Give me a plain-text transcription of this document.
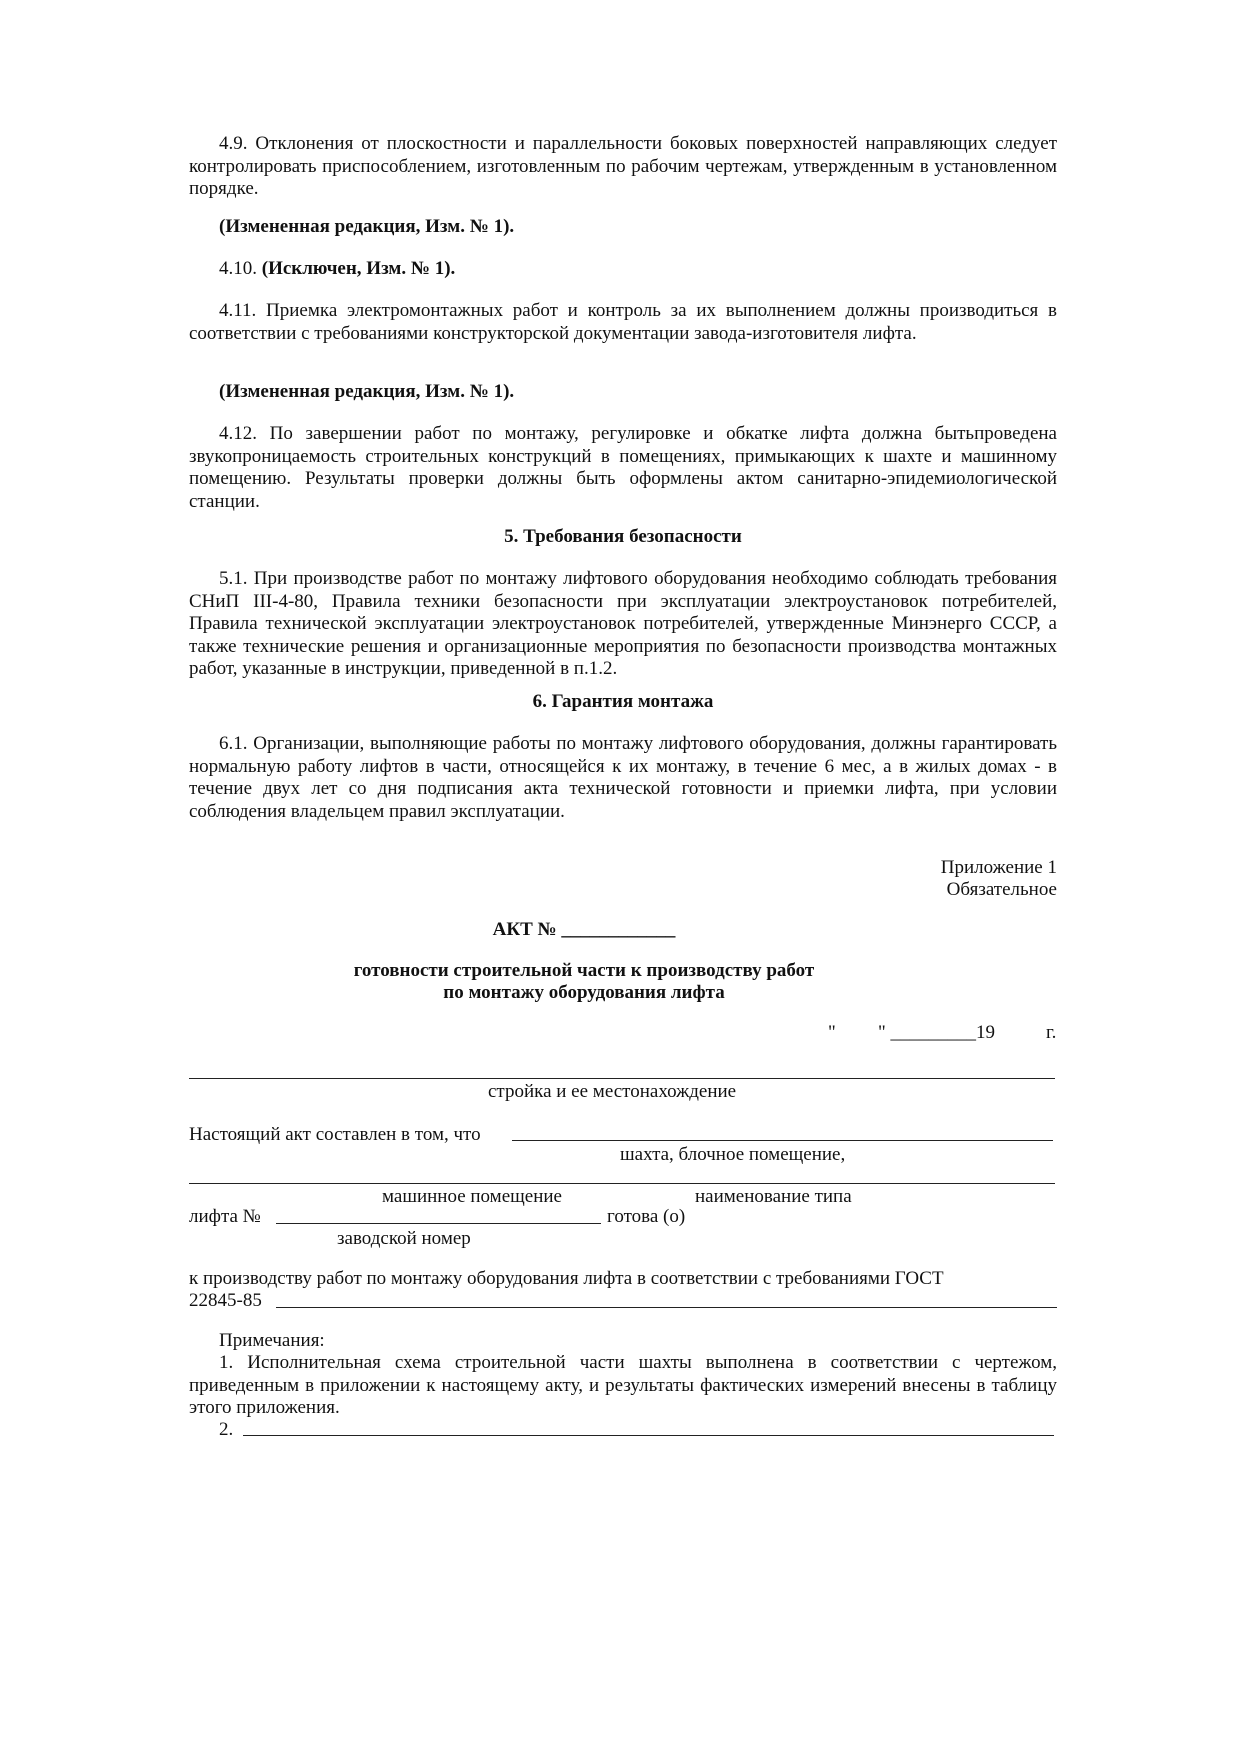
4.9. Отклонения от плоскостности и параллельности боковых поверхностей направляющих следует контролировать приспособлением, изготовленным по рабочим чертежам, утвержденным в установленном порядке.

(Измененная редакция, Изм. № 1).

4.10. (Исключен, Изм. № 1).

4.11. Приемка электромонтажных работ и контроль за их выполнением должны производиться в соответствии с требованиями конструкторской документации завода-изготовителя лифта.

(Измененная редакция, Изм. № 1).

4.12. По завершении работ по монтажу, регулировке и обкатке лифта должна бытьпроведена звукопроницаемость строительных конструкций в помещениях, примыкающих к шахте и машинному помещению. Результаты проверки должны быть оформлены актом санитарно-эпидемиологической станции.

5. Требования безопасности

5.1. При производстве работ по монтажу лифтового оборудования необходимо соблюдать требования СНиП III-4-80, Правила техники безопасности при эксплуатации электроустановок потребителей, Правила технической эксплуатации электроустановок потребителей, утвержденные Минэнерго СССР, а также технические решения и организационные мероприятия по безопасности производства монтажных работ, указанные в инструкции, приведенной в п.1.2.

6. Гарантия монтажа

6.1. Организации, выполняющие работы по монтажу лифтового оборудования, должны гарантировать нормальную работу лифтов в части, относящейся к их монтажу, в течение 6 мес, а в жилых домах - в течение двух лет со дня подписания акта технической готовности и приемки лифта, при условии соблюдения владельцем правил эксплуатации.

Приложение 1

Обязательное

АКТ № ____________

готовности строительной части к производству работ

по монтажу оборудования лифта

" " _________19	г.
стройка и ее местонахождение
Настоящий акт составлен в том, что
шахта, блочное помещение,
машинное помещение	наименование типа
лифта №	готова (о)
заводской номер

к производству работ по монтажу оборудования лифта в соответствии с требованиями ГОСТ

22845-85
Примечания:

1. Исполнительная схема строительной части шахты выполнена в соответствии с чертежом, приведенным в приложении к настоящему акту, и результаты фактических измерений внесены в таблицу этого приложения.

2.
